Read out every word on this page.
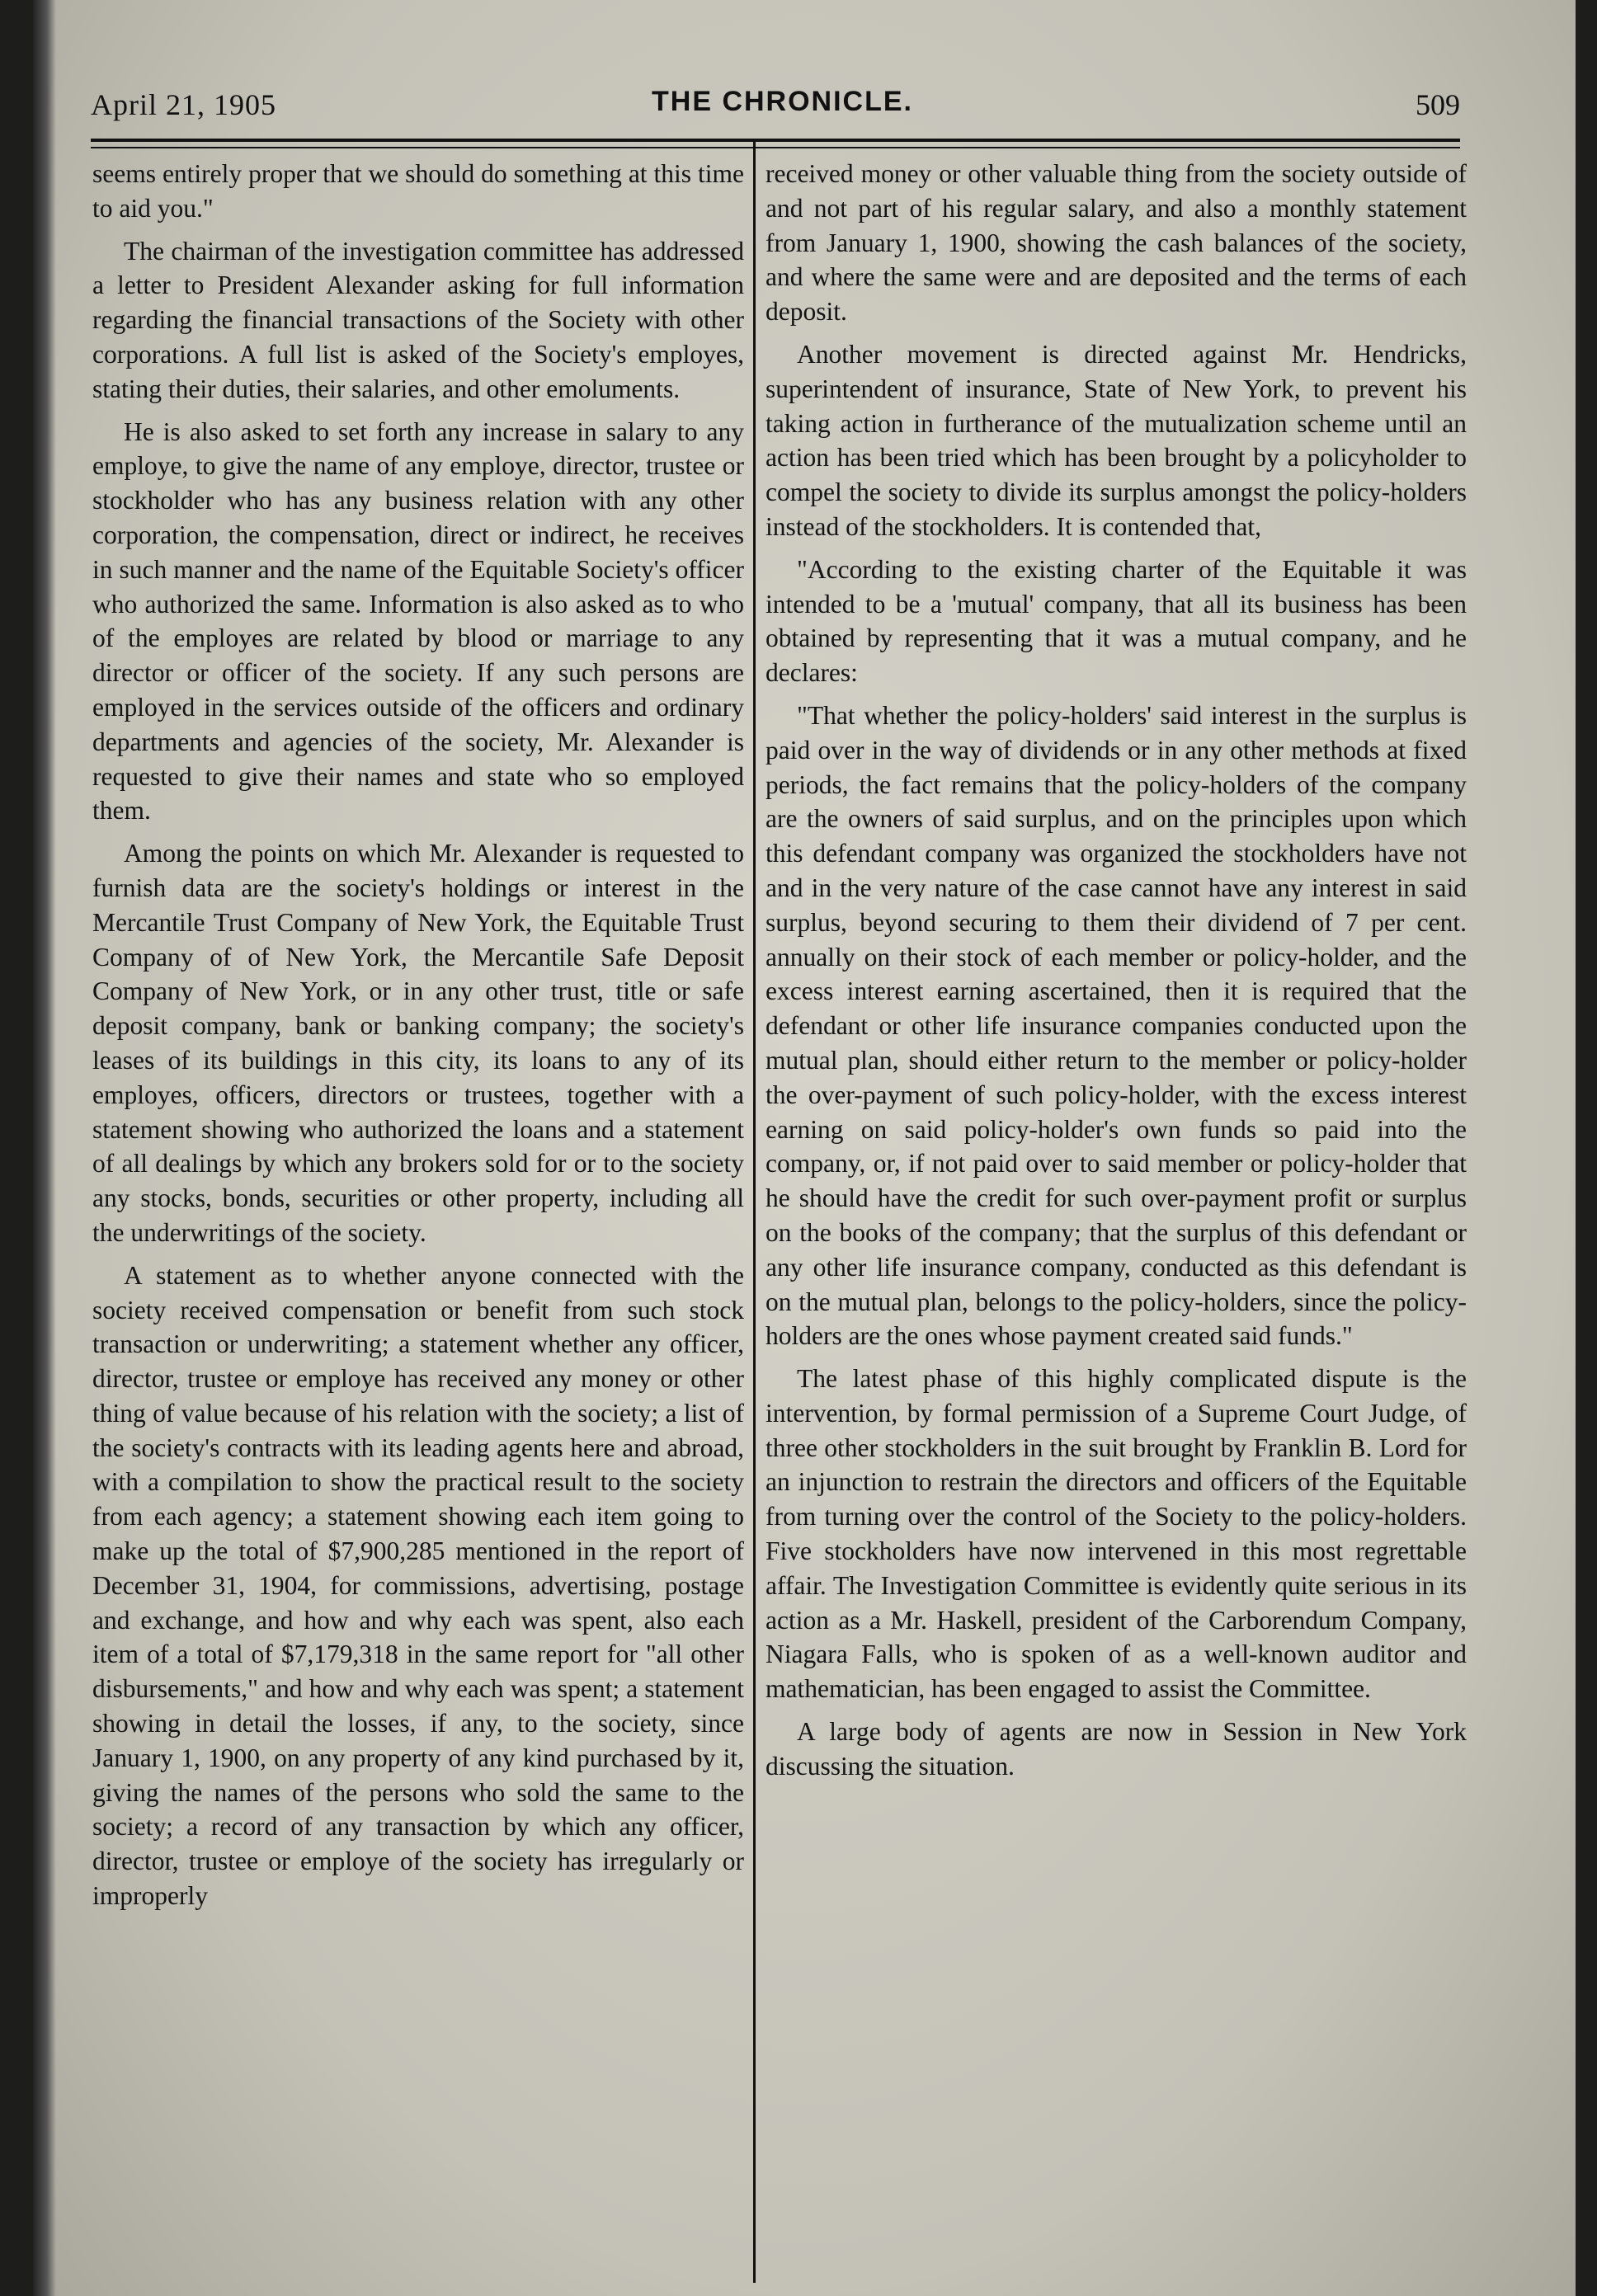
April 21, 1905	THE CHRONICLE.	509

seems entirely proper that we should do something at this time to aid you."

The chairman of the investigation committee has addressed a letter to President Alexander asking for full information regarding the financial transactions of the Society with other corporations. A full list is asked of the Society's employes, stating their duties, their salaries, and other emoluments.

He is also asked to set forth any increase in salary to any employe, to give the name of any employe, director, trustee or stockholder who has any business relation with any other corporation, the compensation, direct or indirect, he receives in such manner and the name of the Equitable Society's officer who authorized the same. Information is also asked as to who of the employes are related by blood or marriage to any director or officer of the society. If any such persons are employed in the services outside of the officers and ordinary departments and agencies of the society, Mr. Alexander is requested to give their names and state who so employed them.

Among the points on which Mr. Alexander is requested to furnish data are the society's holdings or interest in the Mercantile Trust Company of New York, the Equitable Trust Company of of New York, the Mercantile Safe Deposit Company of New York, or in any other trust, title or safe deposit company, bank or banking company; the society's leases of its buildings in this city, its loans to any of its employes, officers, directors or trustees, together with a statement showing who authorized the loans and a statement of all dealings by which any brokers sold for or to the society any stocks, bonds, securities or other property, including all the underwritings of the society.

A statement as to whether anyone connected with the society received compensation or benefit from such stock transaction or underwriting; a statement whether any officer, director, trustee or employe has received any money or other thing of value because of his relation with the society; a list of the society's contracts with its leading agents here and abroad, with a compilation to show the practical result to the society from each agency; a statement showing each item going to make up the total of $7,900,285 mentioned in the report of December 31, 1904, for commissions, advertising, postage and exchange, and how and why each was spent, also each item of a total of $7,179,318 in the same report for "all other disbursements," and how and why each was spent; a statement showing in detail the losses, if any, to the society, since January 1, 1900, on any property of any kind purchased by it, giving the names of the persons who sold the same to the society; a record of any transaction by which any officer, director, trustee or employe of the society has irregularly or improperly

received money or other valuable thing from the society outside of and not part of his regular salary, and also a monthly statement from January 1, 1900, showing the cash balances of the society, and where the same were and are deposited and the terms of each deposit.

Another movement is directed against Mr. Hendricks, superintendent of insurance, State of New York, to prevent his taking action in furtherance of the mutualization scheme until an action has been tried which has been brought by a policyholder to compel the society to divide its surplus amongst the policy-holders instead of the stockholders. It is contended that,

"According to the existing charter of the Equitable it was intended to be a 'mutual' company, that all its business has been obtained by representing that it was a mutual company, and he declares:

"That whether the policy-holders' said interest in the surplus is paid over in the way of dividends or in any other methods at fixed periods, the fact remains that the policy-holders of the company are the owners of said surplus, and on the principles upon which this defendant company was organized the stockholders have not and in the very nature of the case cannot have any interest in said surplus, beyond securing to them their dividend of 7 per cent. annually on their stock of each member or policy-holder, and the excess interest earning ascertained, then it is required that the defendant or other life insurance companies conducted upon the mutual plan, should either return to the member or policy-holder the over-payment of such policy-holder, with the excess interest earning on said policy-holder's own funds so paid into the company, or, if not paid over to said member or policy-holder that he should have the credit for such over-payment profit or surplus on the books of the company; that the surplus of this defendant or any other life insurance company, conducted as this defendant is on the mutual plan, belongs to the policy-holders, since the policy-holders are the ones whose payment created said funds."

The latest phase of this highly complicated dispute is the intervention, by formal permission of a Supreme Court Judge, of three other stockholders in the suit brought by Franklin B. Lord for an injunction to restrain the directors and officers of the Equitable from turning over the control of the Society to the policy-holders. Five stockholders have now intervened in this most regrettable affair. The Investigation Committee is evidently quite serious in its action as a Mr. Haskell, president of the Carborendum Company, Niagara Falls, who is spoken of as a well-known auditor and mathematician, has been engaged to assist the Committee.

A large body of agents are now in Session in New York discussing the situation.
